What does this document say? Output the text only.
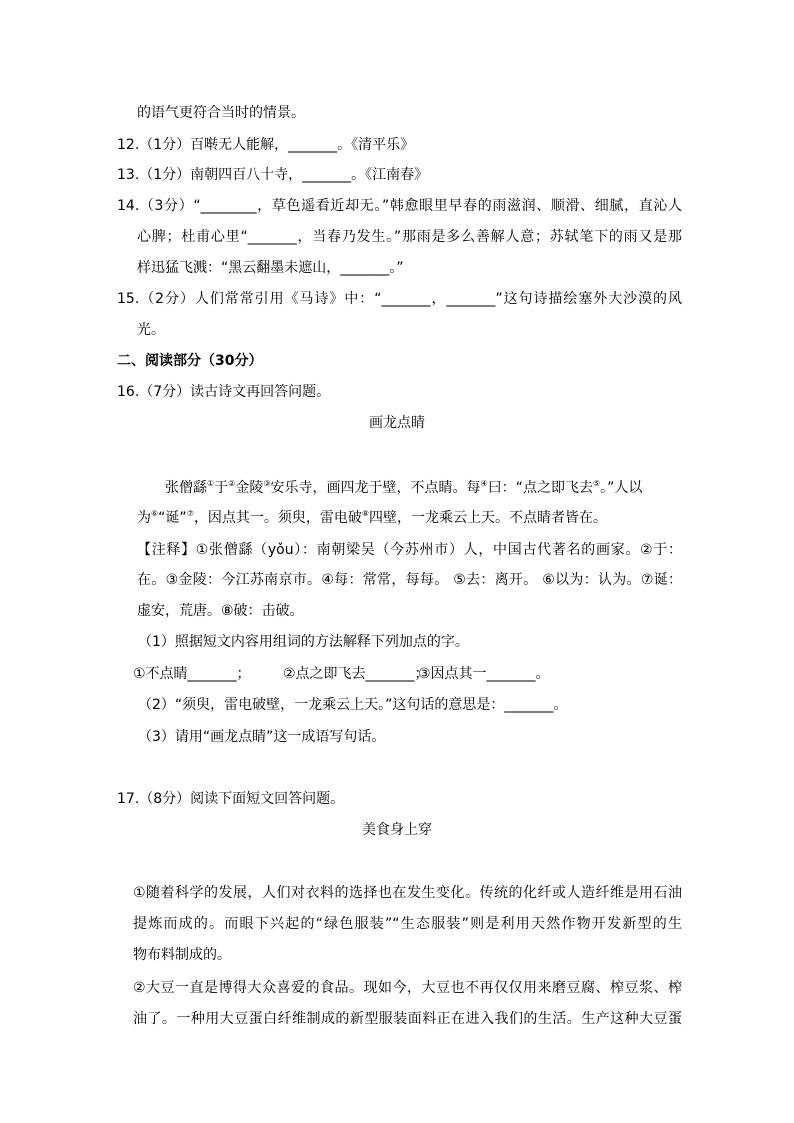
的语气更符合当时的情景。
12.（1分）百啭无人能解，_______。《清平乐》
13.（1分）南朝四百八十寺，_______。《江南春》
14.（3分）“________，草色遥看近却无。”韩愈眼里早春的雨滋润、顺滑、细腻，直沁人
心脾；杜甫心里“_______，当春乃发生。”那雨是多么善解人意；苏轼笔下的雨又是那
样迅猛飞溅：“黑云翻墨未遮山，_______。”
15.（2分）人们常常引用《马诗》中：“_______，_______”这句诗描绘塞外大沙漠的风
光。
二、阅读部分（30分）
16.（7分）读古诗文再回答问题。
画龙点睛
张僧繇①于②金陵③安乐寺，画四龙于壁，不点睛。每④曰：“点之即飞去⑤。”人以
为⑥“诞”⑦，因点其一。须臾，雷电破⑧四壁，一龙乘云上天。不点睛者皆在。
【注释】①张僧繇（yǒu）：南朝梁吴（今苏州市）人，中国古代著名的画家。②于：
在。③金陵：今江苏南京市。④每：常常，每每。 ⑤去：离开。 ⑥以为：认为。⑦诞：
虚安，荒唐。⑧破：击破。
（1）照据短文内容用组词的方法解释下列加点的字。
①不点睛_______； ②点之即飞去_______；
③因点其一_______。
（2）“须臾，雷电破壁，一龙乘云上天。”这句话的意思是：_______。
（3）请用“画龙点睛”这一成语写句话。
17.（8分）阅读下面短文回答问题。
美食身上穿
①随着科学的发展，人们对衣料的选择也在发生变化。传统的化纤或人造纤维是用石油
提炼而成的。而眼下兴起的“绿色服装”“生态服装”则是利用天然作物开发新型的生
物布料制成的。
②大豆一直是博得大众喜爱的食品。现如今，大豆也不再仅仅用来磨豆腐、榨豆浆、榨
油了。一种用大豆蛋白纤维制成的新型服装面料正在进入我们的生活。生产这种大豆蛋
